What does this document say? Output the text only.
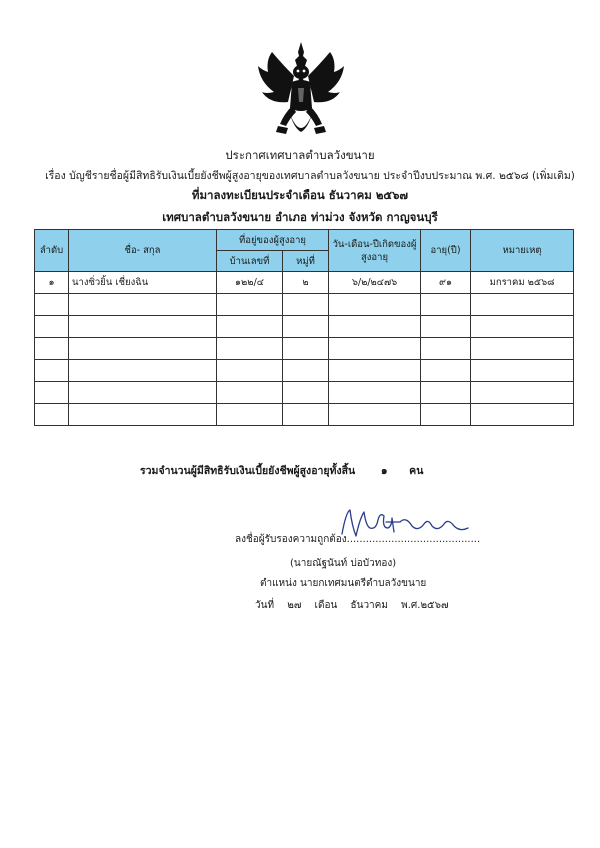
ประกาศเทศบาลตำบลวังขนาย
เรื่อง บัญชีรายชื่อผู้มีสิทธิรับเงินเบี้ยยังชีพผู้สูงอายุของเทศบาลตำบลวังขนาย ประจำปีงบประมาณ พ.ศ. ๒๕๖๘ (เพิ่มเติม)
ที่มาลงทะเบียนประจำเดือน ธันวาคม ๒๕๖๗
เทศบาลตำบลวังขนาย อำเภอ ท่าม่วง จังหวัด กาญจนบุรี
ลำดับ	ชื่อ- สกุล	ที่อยู่ของผู้สูงอายุ		วัน-เดือน-ปีเกิดของผู้สูงอายุ	อายุ(ปี)	หมายเหตุ
		บ้านเลขที่	หมู่ที่			
๑	นางซิ่วยิ้น เชี่ยงฉิน	๑๒๒/๔	๒	๖/๒/๒๔๗๖	๙๑	มกราคม ๒๕๖๘

รวมจำนวนผู้มีสิทธิรับเงินเบี้ยยังชีพผู้สูงอายุทั้งสิ้น ๑ คน
ลงชื่อผู้รับรองความถูกต้อง..........................................
(นายณัฐนันท์ บ่อบัวทอง)
ตำแหน่ง นายกเทศมนตรีตำบลวังขนาย
วันที่ ๒๗ เดือน ธันวาคม พ.ศ.๒๕๖๗
